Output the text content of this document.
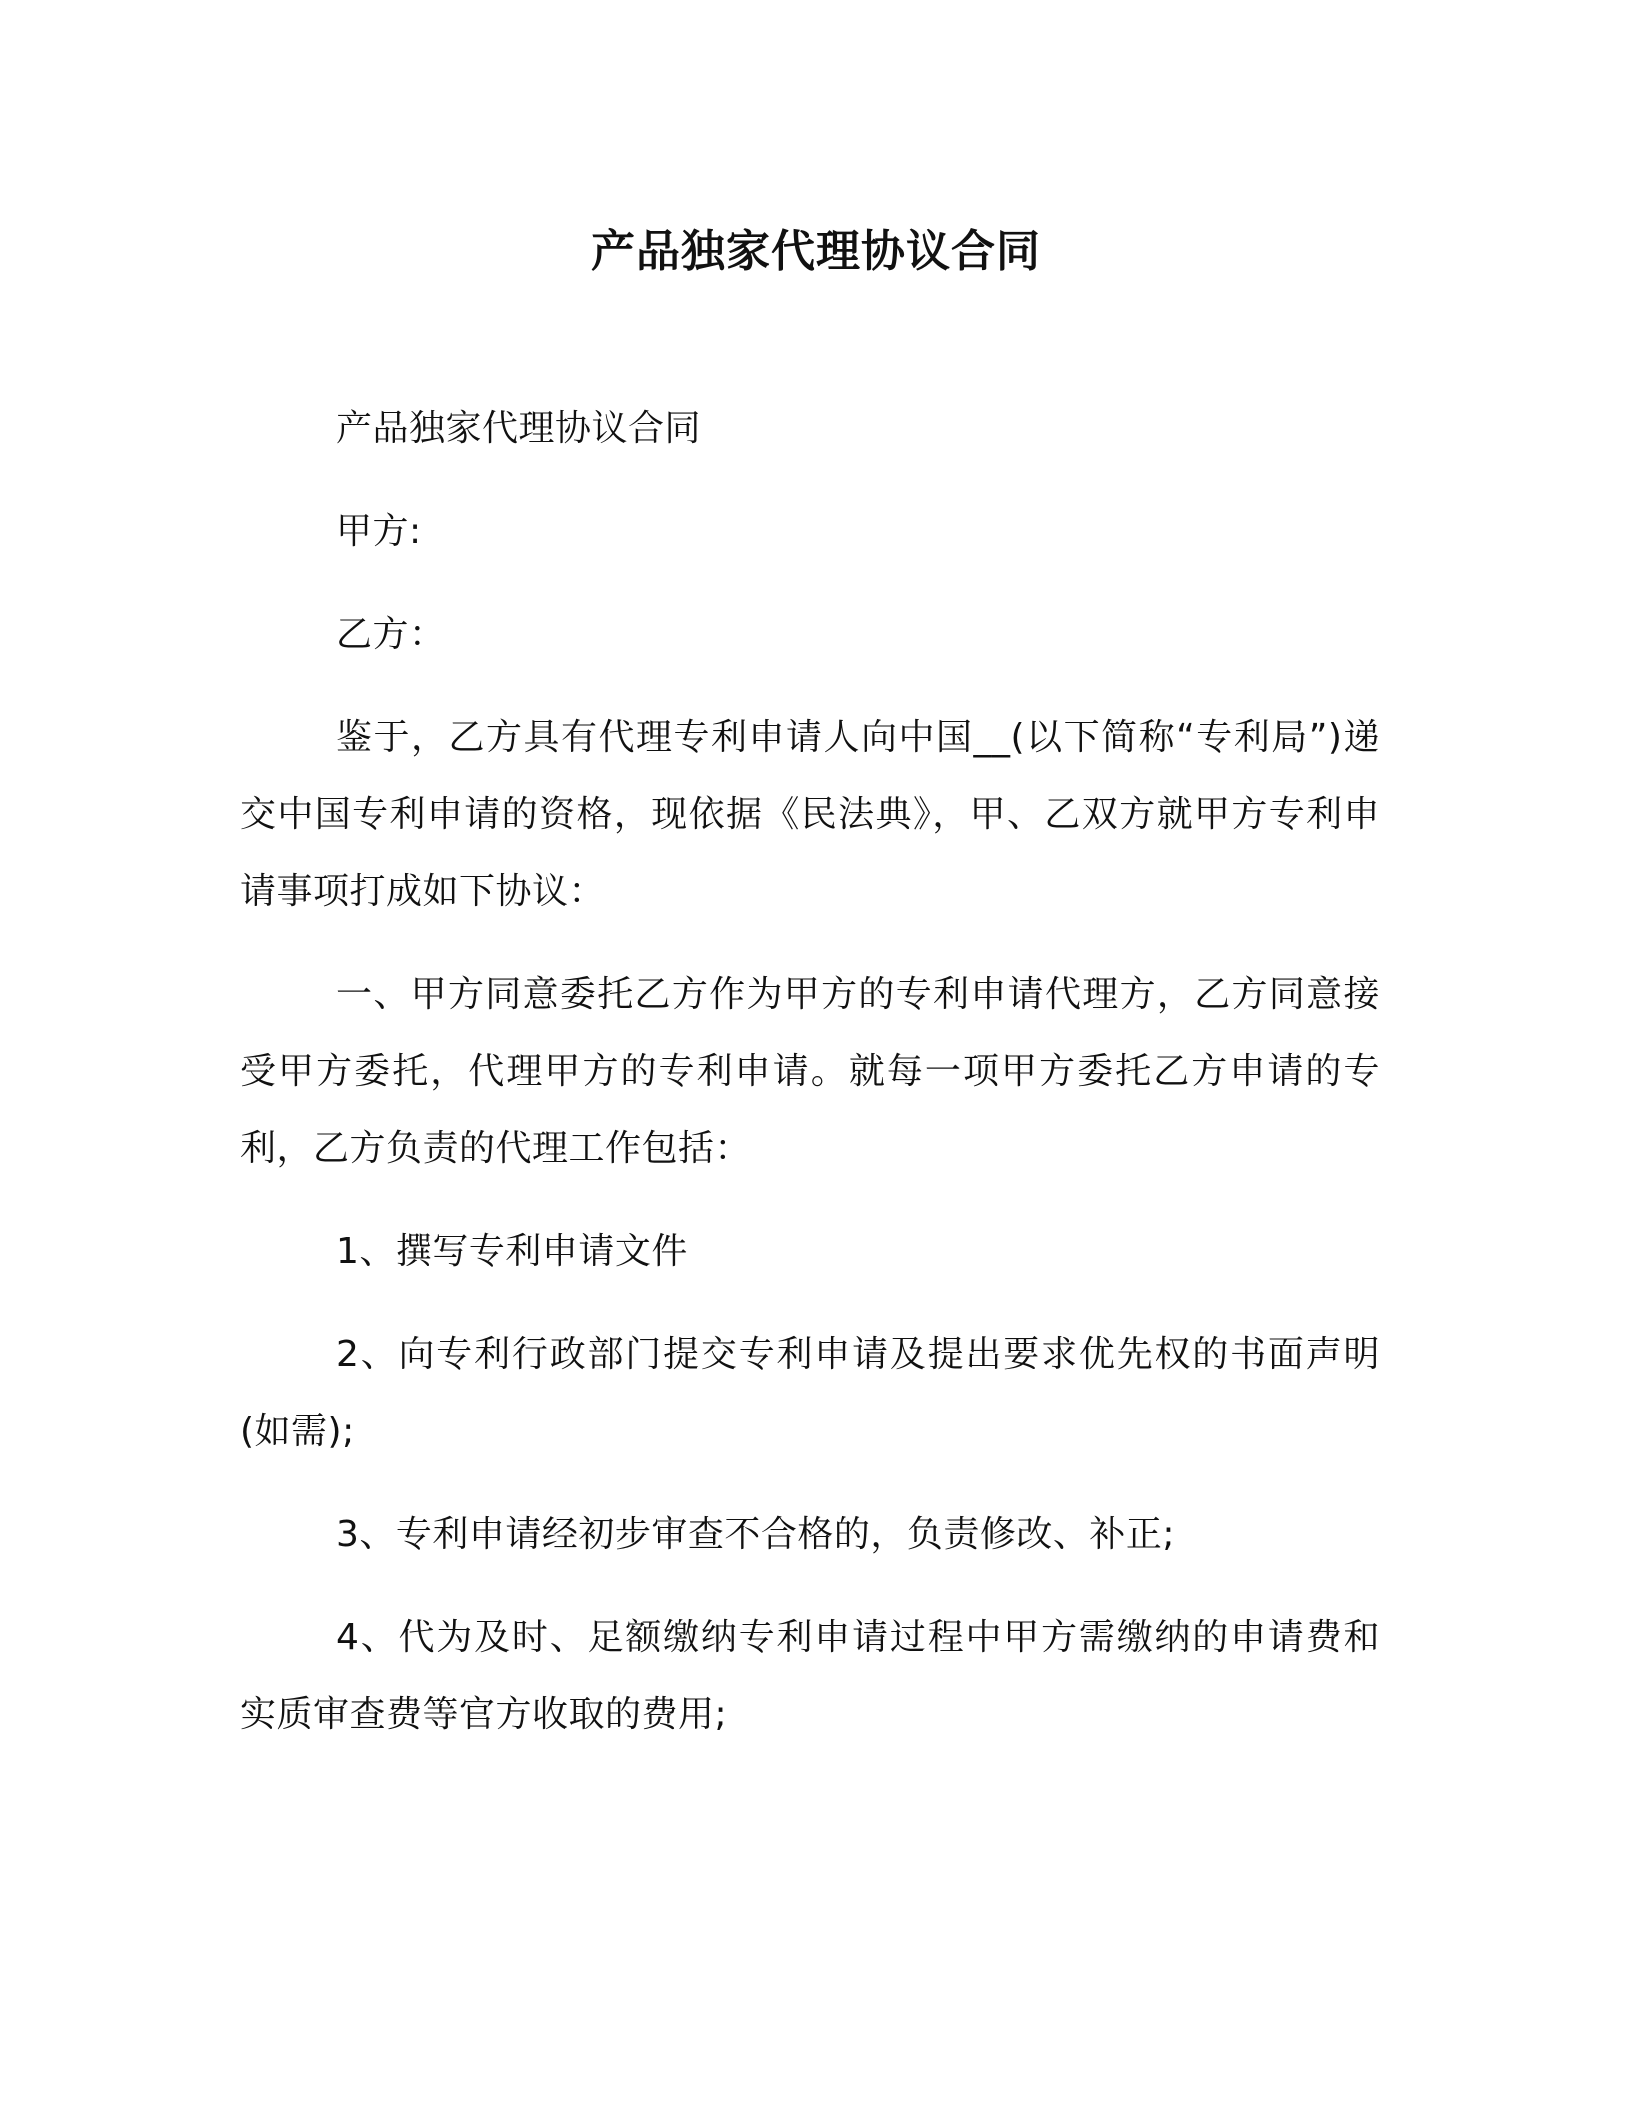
产品独家代理协议合同

产品独家代理协议合同

甲方:

乙方：

鉴于，乙方具有代理专利申请人向中国__(以下简称“专利局”)递交中国专利申请的资格，现依据《民法典》，甲、乙双方就甲方专利申请事项打成如下协议：

一、甲方同意委托乙方作为甲方的专利申请代理方，乙方同意接受甲方委托，代理甲方的专利申请。就每一项甲方委托乙方申请的专利，乙方负责的代理工作包括：

1、撰写专利申请文件

2、向专利行政部门提交专利申请及提出要求优先权的书面声明(如需);

3、专利申请经初步审查不合格的，负责修改、补正;

4、代为及时、足额缴纳专利申请过程中甲方需缴纳的申请费和实质审查费等官方收取的费用;
